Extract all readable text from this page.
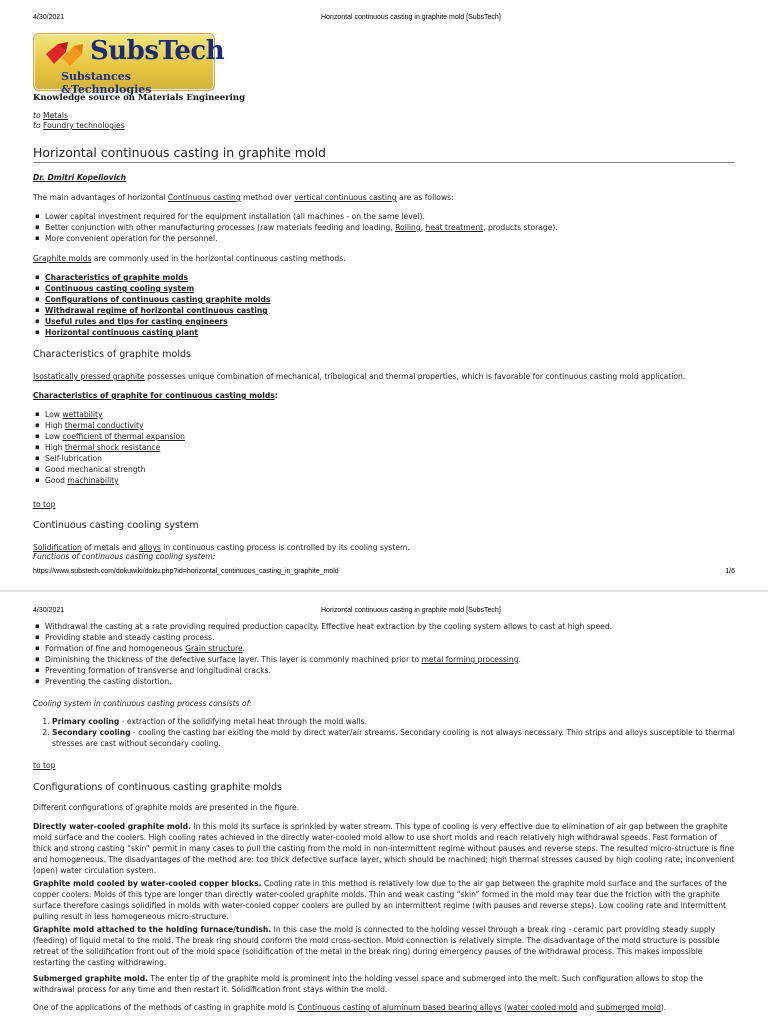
4/30/2021	Horizontal continuous casting in graphite mold [SubsTech]
SubsTech
Substances &Technologies
Knowledge source on Materials Engineering
to Metals
to Foundry technologies
Horizontal continuous casting in graphite mold
Dr. Dmitri Kopeliovich
The main advantages of horizontal Continuous casting method over vertical continuous casting are as follows:
▪ Lower capital investment required for the equipment installation (all machines - on the same level).
▪ Better conjunction with other manufacturing processes (raw materials feeding and loading, Rolling, heat treatment, products storage).
▪ More convenient operation for the personnel.
Graphite molds are commonly used in the horizontal continuous casting methods.
▪ Characteristics of graphite molds
▪ Continuous casting cooling system
▪ Configurations of continuous casting graphite molds
▪ Withdrawal regime of horizontal continuous casting
▪ Useful rules and tips for casting engineers
▪ Horizontal continuous casting plant
Characteristics of graphite molds
Isostatically pressed graphite possesses unique combination of mechanical, tribological and thermal properties, which is favorable for continuous casting mold application.
Characteristics of graphite for continuous casting molds:
▪ Low wettability
▪ High thermal conductivity
▪ Low coefficient of thermal expansion
▪ High thermal shock resistance
▪ Self-lubrication
▪ Good mechanical strength
▪ Good machinability
to top
Continuous casting cooling system
Solidification of metals and alloys in continuous casting process is controlled by its cooling system.
Functions of continuous casting cooling system:
https://www.substech.com/dokuwiki/doku.php?id=horizontal_continuous_casting_in_graphite_mold	1/6
4/30/2021	Horizontal continuous casting in graphite mold [SubsTech]
▪ Withdrawal the casting at a rate providing required production capacity. Effective heat extraction by the cooling system allows to cast at high speed.
▪ Providing stable and steady casting process.
▪ Formation of fine and homogeneous Grain structure.
▪ Diminishing the thickness of the defective surface layer. This layer is commonly machined prior to metal forming processing.
▪ Preventing formation of transverse and longitudinal cracks.
▪ Preventing the casting distortion.
Cooling system in continuous casting process consists of:
1. Primary cooling - extraction of the solidifying metal heat through the mold walls.
2. Secondary cooling - cooling the casting bar exiting the mold by direct water/air streams. Secondary cooling is not always necessary. Thin strips and alloys susceptible to thermal stresses are cast without secondary cooling.
to top
Configurations of continuous casting graphite molds
Different configurations of graphite molds are presented in the figure.
Directly water-cooled graphite mold. In this mold its surface is sprinkled by water stream. This type of cooling is very effective due to elimination of air gap between the graphite mold surface and the coolers. High cooling rates achieved in the directly water-cooled mold allow to use short molds and reach relatively high withdrawal speeds. Fast formation of thick and strong casting “skin” permit in many cases to pull the casting from the mold in non-intermittent regime without pauses and reverse steps. The resulted micro-structure is fine and homogeneous. The disadvantages of the method are: too thick defective surface layer, which should be machined; high thermal stresses caused by high cooling rate; inconvenient (open) water circulation system.
Graphite mold cooled by water-cooled copper blocks. Cooling rate in this method is relatively low due to the air gap between the graphite mold surface and the surfaces of the copper coolers. Molds of this type are longer than directly water-cooled graphite molds. Thin and weak casting “skin” formed in the mold may tear due the friction with the graphite surface therefore casings solidified in molds with water-cooled copper coolers are pulled by an intermittent regime (with pauses and reverse steps). Low cooling rate and intermittent pulling result in less homogeneous micro-structure.
Graphite mold attached to the holding furnace/tundish. In this case the mold is connected to the holding vessel through a break ring - ceramic part providing steady supply (feeding) of liquid metal to the mold. The break ring should conform the mold cross-section. Mold connection is relatively simple. The disadvantage of the mold structure is possible retreat of the solidification front out of the mold space (solidification of the metal in the break ring) during emergency pauses of the withdrawal process. This makes impossible restarting the casting withdrawing.
Submerged graphite mold. The enter tip of the graphite mold is prominent into the holding vessel space and submerged into the melt. Such configuration allows to stop the withdrawal process for any time and then restart it. Solidification front stays within the mold.
One of the applications of the methods of casting in graphite mold is Continuous casting of aluminum based bearing alloys (water cooled mold and submerged mold).
